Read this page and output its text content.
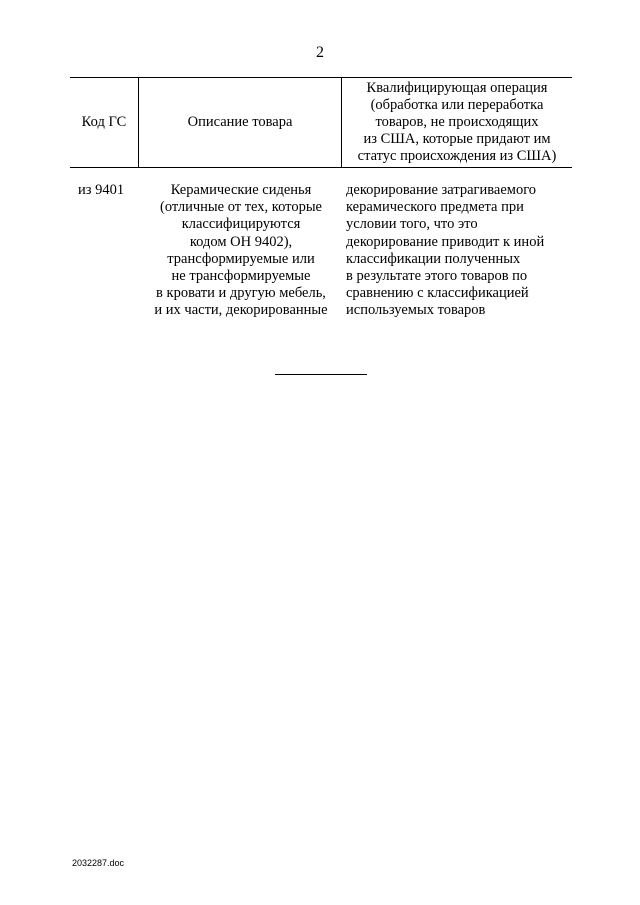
2
Код ГС	Описание товара
Квалифицирующая операция
(обработка или переработка
товаров, не происходящих
из США, которые придают им
статус происхождения из США)
из 9401	Керамические сиденья
(отличные от тех, которые
классифицируются
кодом ОН 9402),
трансформируемые или
не трансформируемые
в кровати и другую мебель,
и их части, декорированные
декорирование затрагиваемого
керамического предмета при
условии того, что это
декорирование приводит к иной
классификации полученных
в результате этого товаров по
сравнению с классификацией
используемых товаров
2032287.doc
